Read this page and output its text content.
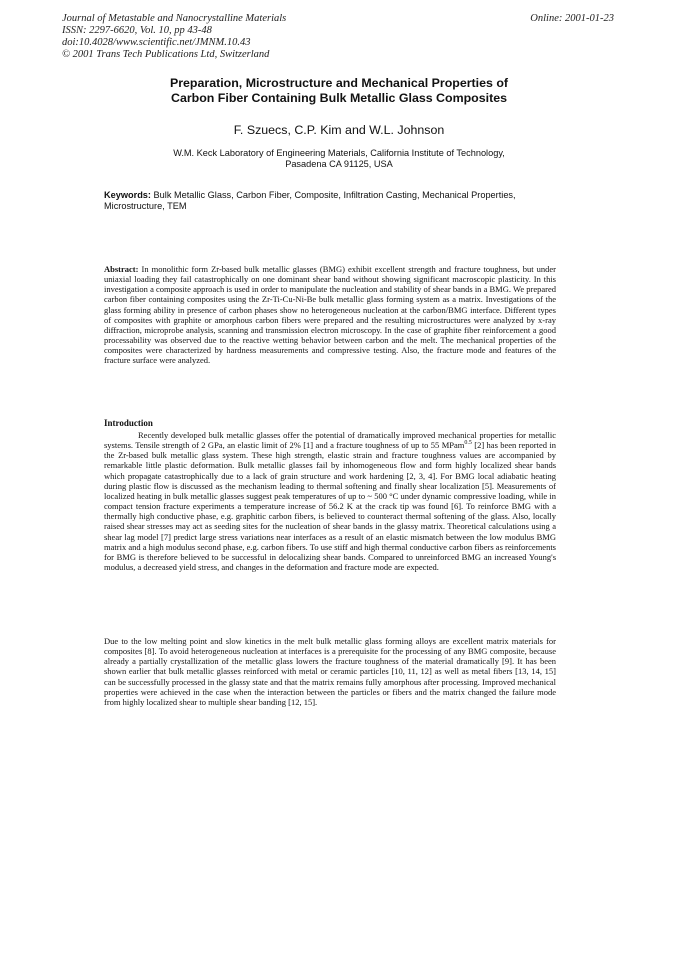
Journal of Metastable and Nanocrystalline Materials
ISSN: 2297-6620, Vol. 10, pp 43-48
doi:10.4028/www.scientific.net/JMNM.10.43
© 2001 Trans Tech Publications Ltd, Switzerland
Online: 2001-01-23
Preparation, Microstructure and Mechanical Properties of
Carbon Fiber Containing Bulk Metallic Glass Composites
F. Szuecs, C.P. Kim and W.L. Johnson
W.M. Keck Laboratory of Engineering Materials, California Institute of Technology,
Pasadena CA 91125, USA
Keywords: Bulk Metallic Glass, Carbon Fiber, Composite, Infiltration Casting, Mechanical Properties, Microstructure, TEM
Abstract: In monolithic form Zr-based bulk metallic glasses (BMG) exhibit excellent strength and fracture toughness, but under uniaxial loading they fail catastrophically on one dominant shear band without showing significant macroscopic plasticity. In this investigation a composite approach is used in order to manipulate the nucleation and stability of shear bands in a BMG. We prepared carbon fiber containing composites using the Zr-Ti-Cu-Ni-Be bulk metallic glass forming system as a matrix. Investigations of the glass forming ability in presence of carbon phases show no heterogeneous nucleation at the carbon/BMG interface. Different types of composites with graphite or amorphous carbon fibers were prepared and the resulting microstructures were analyzed by x-ray diffraction, microprobe analysis, scanning and transmission electron microscopy. In the case of graphite fiber reinforcement a good processability was observed due to the reactive wetting behavior between carbon and the melt. The mechanical properties of the composites were characterized by hardness measurements and compressive testing. Also, the fracture mode and features of the fracture surface were analyzed.
Introduction
Recently developed bulk metallic glasses offer the potential of dramatically improved mechanical properties for metallic systems. Tensile strength of 2 GPa, an elastic limit of 2% [1] and a fracture toughness of up to 55 MPam$^{0.5}$ [2] has been reported in the Zr-based bulk metallic glass system. These high strength, elastic strain and fracture toughness values are accompanied by remarkable little plastic deformation. Bulk metallic glasses fail by inhomogeneous flow and form highly localized shear bands which propagate catastrophically due to a lack of grain structure and work hardening [2, 3, 4]. For BMG local adiabatic heating during plastic flow is discussed as the mechanism leading to thermal softening and finally shear localization [5]. Measurements of localized heating in bulk metallic glasses suggest peak temperatures of up to ~ 500 °C under dynamic compressive loading, while in compact tension fracture experiments a temperature increase of 56.2 K at the crack tip was found [6]. To reinforce BMG with a thermally high conductive phase, e.g. graphitic carbon fibers, is believed to counteract thermal softening of the glass. Also, locally raised shear stresses may act as seeding sites for the nucleation of shear bands in the glassy matrix. Theoretical calculations using a shear lag model [7] predict large stress variations near interfaces as a result of an elastic mismatch between the low modulus BMG matrix and a high modulus second phase, e.g. carbon fibers. To use stiff and high thermal conductive carbon fibers as reinforcements for BMG is therefore believed to be successful in delocalizing shear bands. Compared to unreinforced BMG an increased Young's modulus, a decreased yield stress, and changes in the deformation and fracture mode are expected.
Due to the low melting point and slow kinetics in the melt bulk metallic glass forming alloys are excellent matrix materials for composites [8]. To avoid heterogeneous nucleation at interfaces is a prerequisite for the processing of any BMG composite, because already a partially crystallization of the metallic glass lowers the fracture toughness of the material dramatically [9]. It has been shown earlier that bulk metallic glasses reinforced with metal or ceramic particles [10, 11, 12] as well as metal fibers [13, 14, 15] can be successfully processed in the glassy state and that the matrix remains fully amorphous after processing. Improved mechanical properties were achieved in the case when the interaction between the particles or fibers and the matrix changed the failure mode from highly localized shear to multiple shear banding [12, 15].
